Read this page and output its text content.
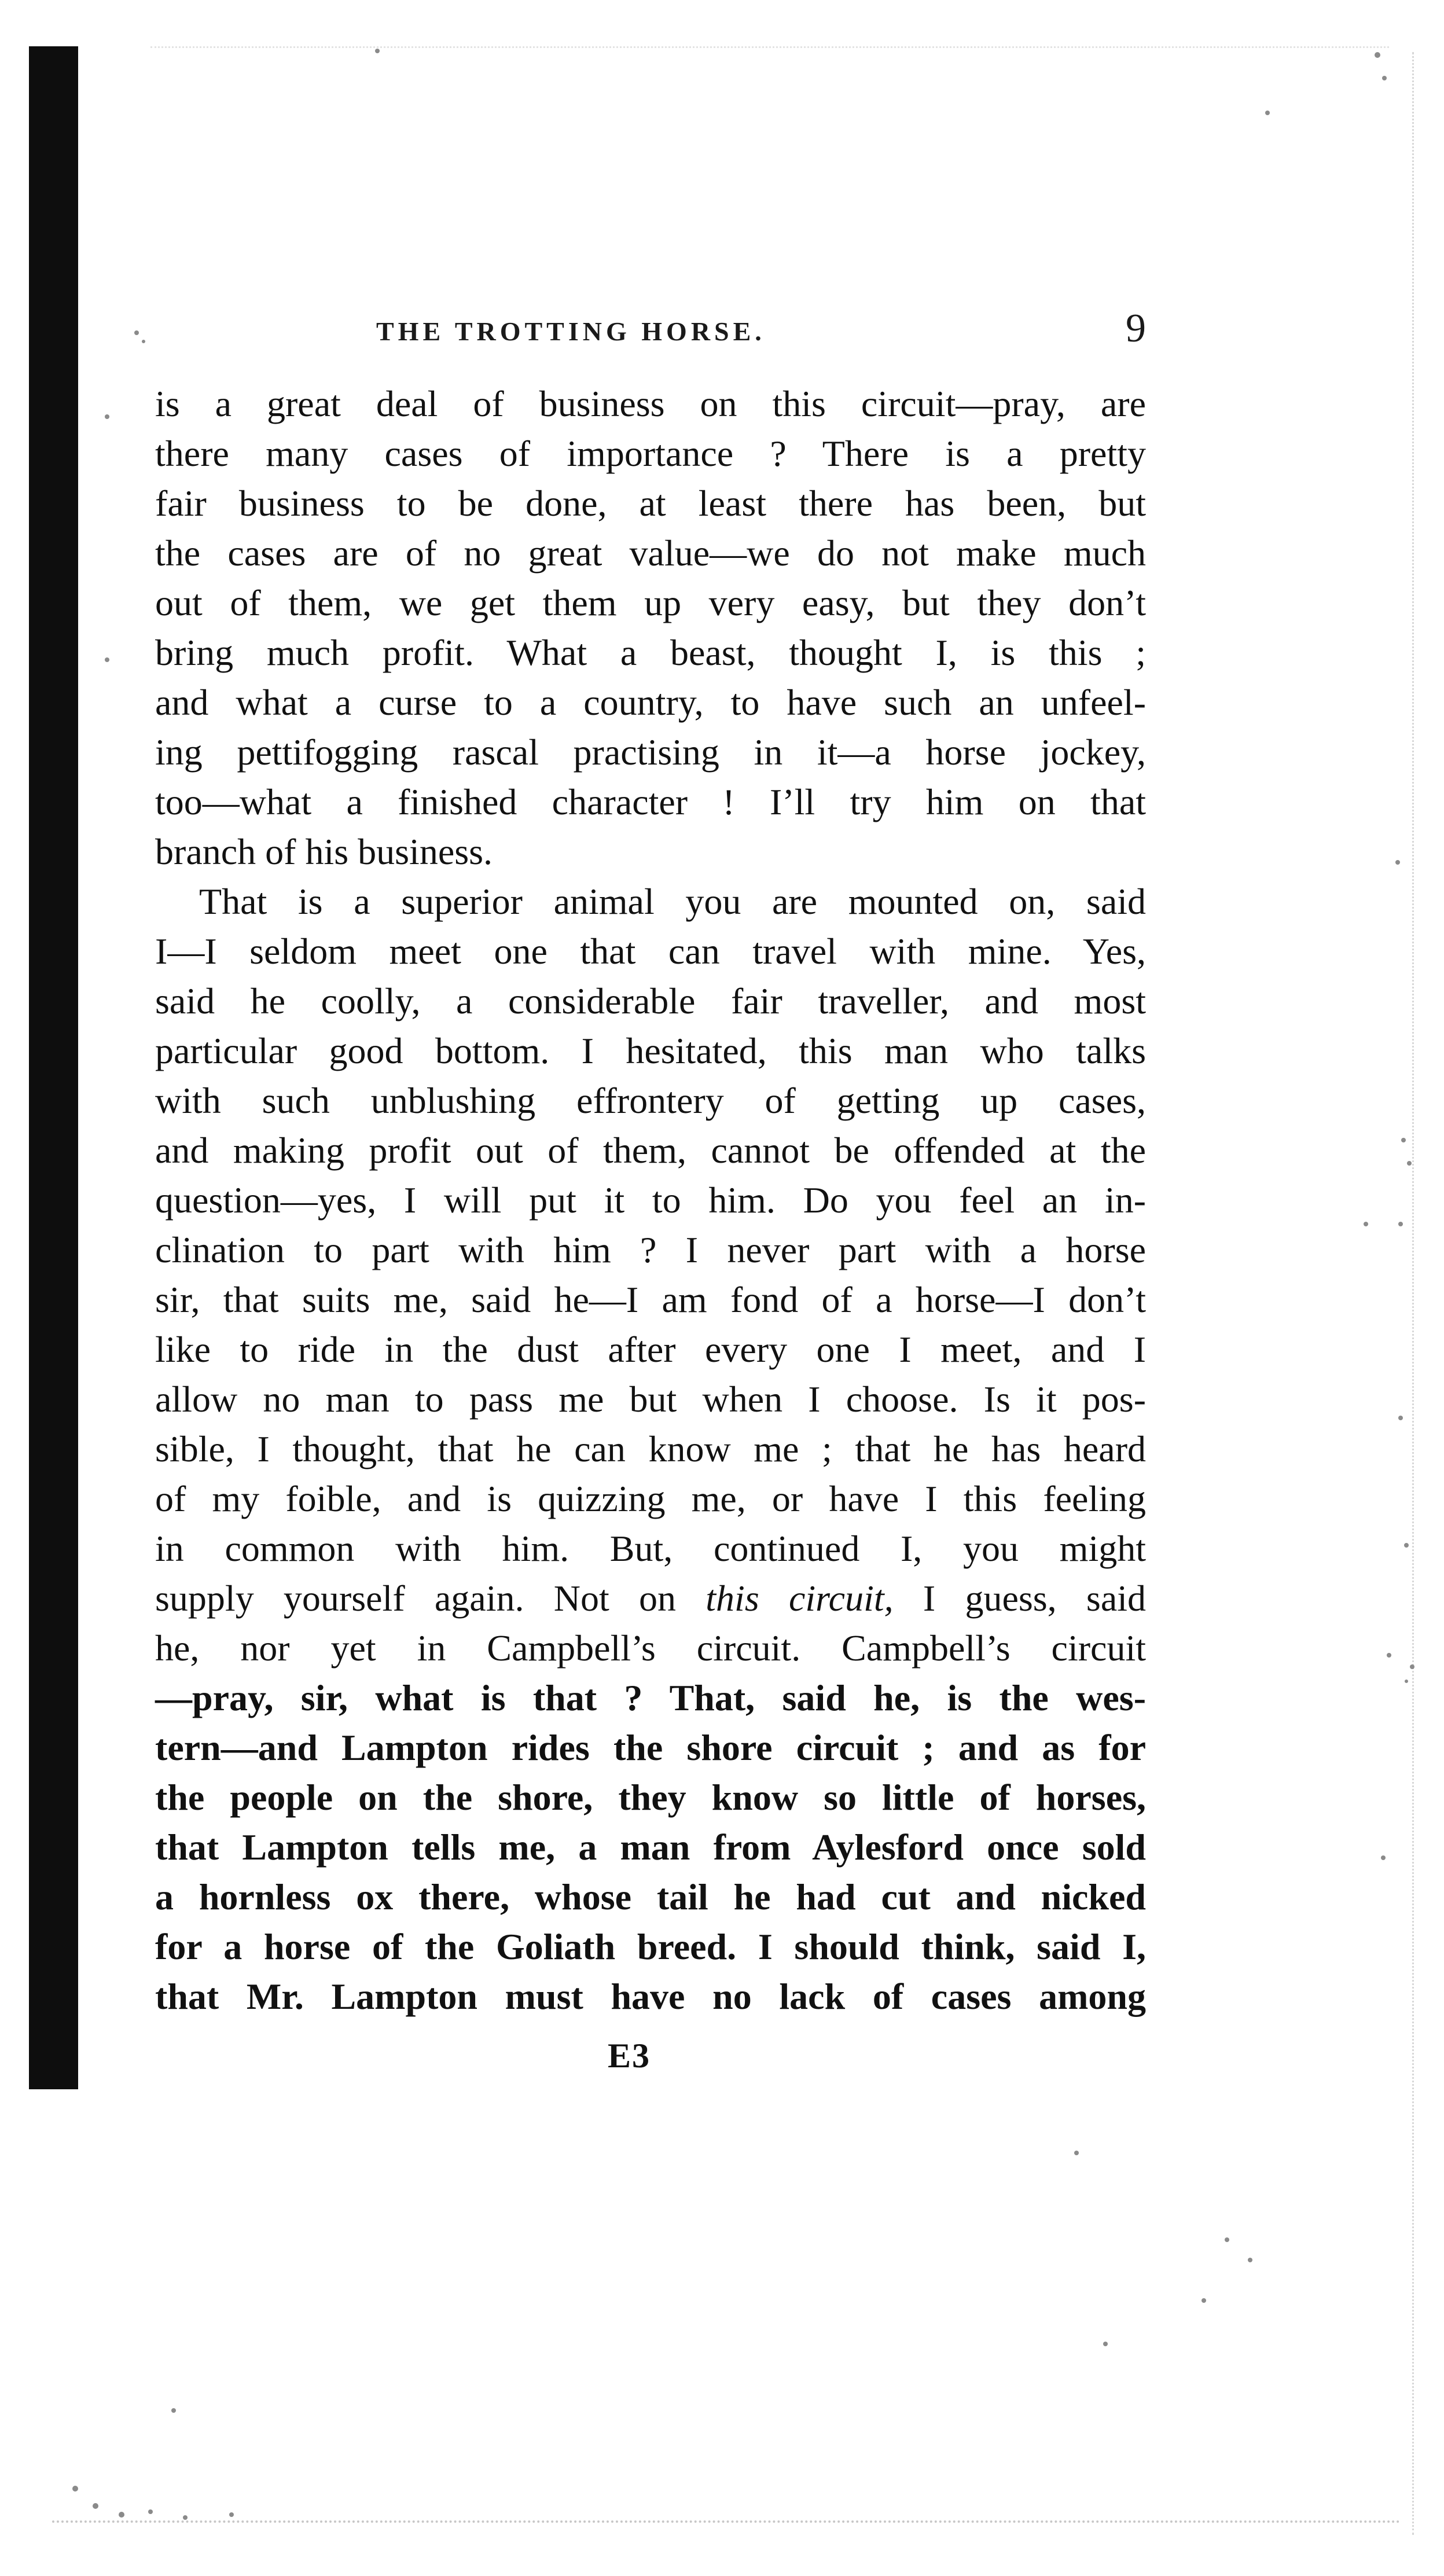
THE TROTTING HORSE.	9
is a great deal of business on this circuit—pray, are
there many cases of importance ? There is a pretty
fair business to be done, at least there has been, but
the cases are of no great value—we do not make much
out of them, we get them up very easy, but they don’t
bring much profit. What a beast, thought I, is this ;
and what a curse to a country, to have such an unfeel-
ing pettifogging rascal practising in it—a horse jockey,
too—what a finished character ! I’ll try him on that
branch of his business.
That is a superior animal you are mounted on, said
I—I seldom meet one that can travel with mine. Yes,
said he coolly, a considerable fair traveller, and most
particular good bottom. I hesitated, this man who talks
with such unblushing effrontery of getting up cases,
and making profit out of them, cannot be offended at the
question—yes, I will put it to him. Do you feel an in-
clination to part with him ? I never part with a horse
sir, that suits me, said he—I am fond of a horse—I don’t
like to ride in the dust after every one I meet, and I
allow no man to pass me but when I choose. Is it pos-
sible, I thought, that he can know me ; that he has heard
of my foible, and is quizzing me, or have I this feeling
in common with him. But, continued I, you might
supply yourself again. Not on this circuit, I guess, said
he, nor yet in Campbell’s circuit. Campbell’s circuit
—pray, sir, what is that ? That, said he, is the wes-
tern—and Lampton rides the shore circuit ; and as for
the people on the shore, they know so little of horses,
that Lampton tells me, a man from Aylesford once sold
a hornless ox there, whose tail he had cut and nicked
for a horse of the Goliath breed. I should think, said I,
that Mr. Lampton must have no lack of cases among
E3
